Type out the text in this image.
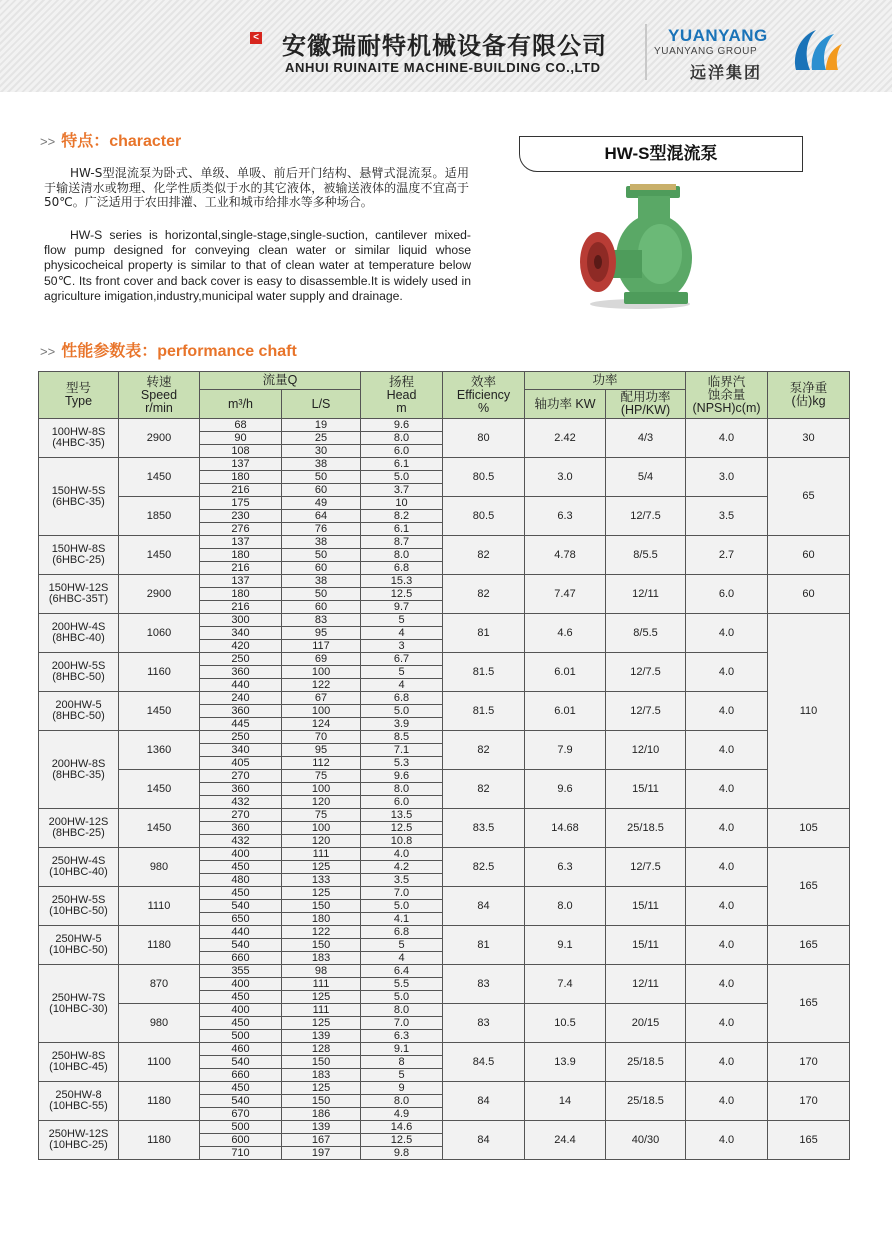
< 安徽瑞耐特机械设备有限公司
ANHUI RUINAITE MACHINE-BUILDING CO.,LTD
YUANYANG
YUANYANG GROUP
远洋集团
>> 特点：character
HW-S型混流泵为卧式、单级、单吸、前后开门结构、悬臂式混流泵。适用于输送清水或物理、化学性质类似于水的其它液体，被输送液体的温度不宜高于50℃。广泛适用于农田排灌、工业和城市给排水等多种场合。
HW-S series is horizontal,single-stage,single-suction, cantilever mixed-flow pump designed for conveying clean water or similar liquid whose physicocheical property is similar to that of clean water at temperature below 50℃. Its front cover and back cover is easy to disassemble.It is widely used in agriculture imigation,industry,municipal water supply and drainage.
HW-S型混流泵
>> 性能参数表：performance chaft
型号
Type	转速
Speed
r/min	流量Q		扬程
Head
m	效率
Efficiency
%	功率		临界汽
蚀余量
(NPSH)c(m)	泵净重
(估)kg
		m³/h	L/S			轴功率 KW	配用功率
(HP/KW)		
100HW-8S
(4HBC-35)	2900	68	19	9.6	80	2.42	4/3	4.0	30
		90	25	8.0					
		108	30	6.0					
150HW-5S
(6HBC-35)	1450	137	38	6.1	80.5	3.0	5/4	3.0	65
		180	50	5.0					
		216	60	3.7					
	1850	175	49	10	80.5	6.3	12/7.5	3.5	
		230	64	8.2					
		276	76	6.1					
150HW-8S
(6HBC-25)	1450	137	38	8.7	82	4.78	8/5.5	2.7	60
		180	50	8.0					
		216	60	6.8					
150HW-12S
(6HBC-35T)	2900	137	38	15.3	82	7.47	12/11	6.0	60
		180	50	12.5					
		216	60	9.7					
200HW-4S
(8HBC-40)	1060	300	83	5	81	4.6	8/5.5	4.0	110
		340	95	4					
		420	117	3					
200HW-5S
(8HBC-50)	1160	250	69	6.7	81.5	6.01	12/7.5	4.0	
		360	100	5					
		440	122	4					
200HW-5
(8HBC-50)	1450	240	67	6.8	81.5	6.01	12/7.5	4.0	
		360	100	5.0					
		445	124	3.9					
200HW-8S
(8HBC-35)	1360	250	70	8.5	82	7.9	12/10	4.0	
		340	95	7.1					
		405	112	5.3					
	1450	270	75	9.6	82	9.6	15/11	4.0	
		360	100	8.0					
		432	120	6.0					
200HW-12S
(8HBC-25)	1450	270	75	13.5	83.5	14.68	25/18.5	4.0	105
		360	100	12.5					
		432	120	10.8					
250HW-4S
(10HBC-40)	980	400	111	4.0	82.5	6.3	12/7.5	4.0	165
		450	125	4.2					
		480	133	3.5					
250HW-5S
(10HBC-50)	1110	450	125	7.0	84	8.0	15/11	4.0	
		540	150	5.0					
		650	180	4.1					
250HW-5
(10HBC-50)	1180	440	122	6.8	81	9.1	15/11	4.0	165
		540	150	5					
		660	183	4					
250HW-7S
(10HBC-30)	870	355	98	6.4	83	7.4	12/11	4.0	165
		400	111	5.5					
		450	125	5.0					
	980	400	111	8.0	83	10.5	20/15	4.0	
		450	125	7.0					
		500	139	6.3					
250HW-8S
(10HBC-45)	1100	460	128	9.1	84.5	13.9	25/18.5	4.0	170
		540	150	8					
		660	183	5					
250HW-8
(10HBC-55)	1180	450	125	9	84	14	25/18.5	4.0	170
		540	150	8.0					
		670	186	4.9					
250HW-12S
(10HBC-25)	1180	500	139	14.6	84	24.4	40/30	4.0	165
		600	167	12.5					
		710	197	9.8					
